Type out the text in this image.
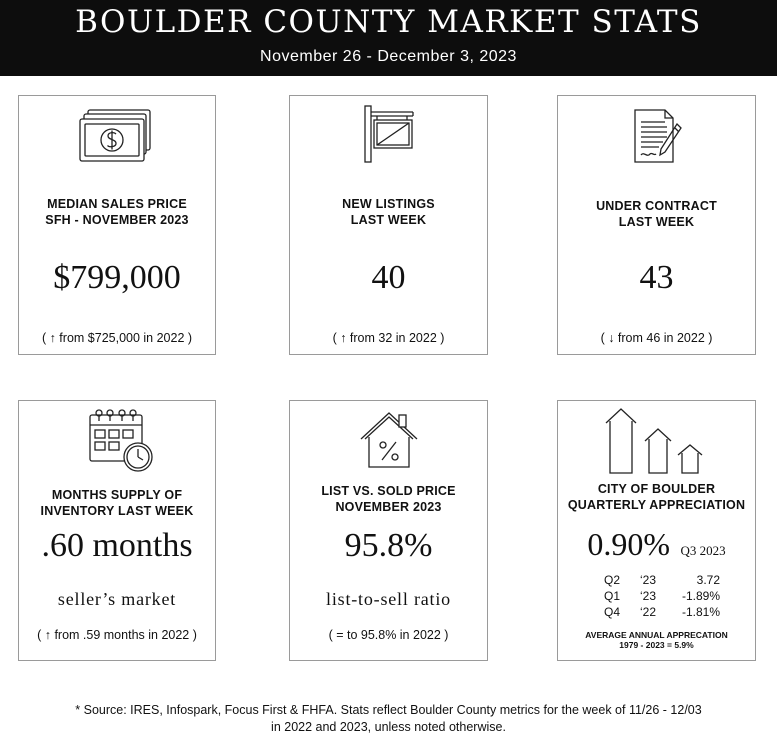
BOULDER COUNTY MARKET STATS
November 26 - December 3, 2023
MEDIAN SALES PRICE
SFH - NOVEMBER 2023
$799,000
( ↑ from $725,000 in 2022 )
NEW LISTINGS
LAST WEEK
40
( ↑ from 32 in 2022 )
UNDER CONTRACT
LAST WEEK
43
( ↓ from 46 in 2022 )
MONTHS SUPPLY OF
INVENTORY LAST WEEK
.60 months
seller’s market
( ↑ from .59 months in 2022 )
LIST VS. SOLD PRICE
NOVEMBER 2023
95.8%
list-to-sell ratio
( = to 95.8% in 2022 )
CITY OF BOULDER
QUARTERLY APPRECIATION
0.90% Q3 2023
Q2	‘23	3.72
Q1	‘23	-1.89%
Q4	‘22	-1.81%
AVERAGE ANNUAL APPRECATION
1979 - 2023 = 5.9%
* Source: IRES, Infospark, Focus First & FHFA. Stats reflect Boulder County metrics for the week of 11/26 - 12/03
in 2022 and 2023, unless noted otherwise.
